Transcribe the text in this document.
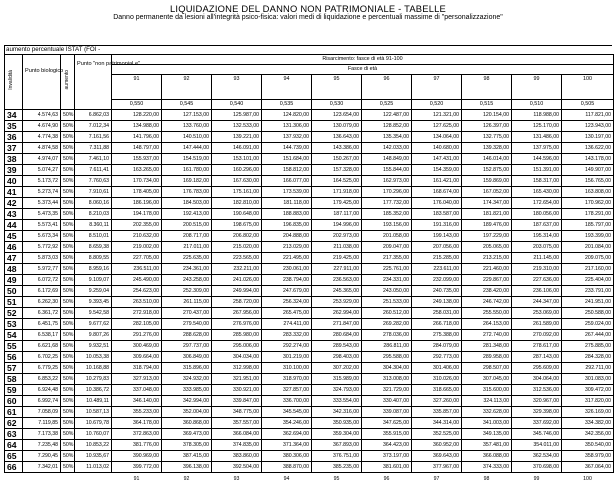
LIQUIDAZIONE DEL DANNO NON PATRIMONIALE - TABELLE
Danno permanente da lesioni all'integrità psico-fisica: valori medi di liquidazione e percentuali massime di "personalizzazione"
aumento percentuale ISTAT (FOI -
Invalidità	Punto biologico	aumento	Punto "non patrimonial e"	Risarcimento: fasce di età 91-100									
				Fasce di età									
				91	92	93	94	95	96	97	98	99	100
				0,550	0,545	0,540	0,535	0,530	0,525	0,520	0,515	0,510	0,505
34	4.574,63	50%	6.862,03	128.220,00	127.153,00	125.987,00	124.820,00	123.654,00	122.487,00	121.321,00	120.154,00	118.988,00	117.821,00
35	4.674,90	50%	7.012,34	134.988,00	133.760,00	132.533,00	131.306,00	130.079,00	128.852,00	127.625,00	126.397,00	125.170,00	123.943,00
36	4.774,38	50%	7.161,56	141.796,00	140.510,00	139.221,00	137.932,00	136.643,00	135.354,00	134.064,00	132.775,00	131.486,00	130.197,00
37	4.874,58	50%	7.311,88	148.797,00	147.444,00	146.091,00	144.739,00	143.386,00	142.033,00	140.680,00	139.328,00	137.975,00	136.622,00
38	4.974,07	50%	7.461,10	155.937,00	154.519,00	153.101,00	151.684,00	150.267,00	148.849,00	147.431,00	146.014,00	144.596,00	143.178,00
39	5.074,27	50%	7.611,41	163.265,00	161.780,00	160.296,00	158.812,00	157.328,00	155.844,00	154.359,00	152.875,00	151.391,00	149.907,00
40	5.173,72	50%	7.760,63	170.734,00	169.182,00	167.630,00	166.077,00	164.525,00	162.973,00	161.421,00	159.869,00	158.317,00	156.765,00
41	5.273,74	50%	7.910,61	178.405,00	176.783,00	175.161,00	173.539,00	171.918,00	170.296,00	168.674,00	167.052,00	165.430,00	163.808,00
42	5.373,44	50%	8.060,16	186.196,00	184.503,00	182.810,00	181.118,00	179.425,00	177.732,00	176.040,00	174.347,00	172.654,00	170.962,00
43	5.473,35	50%	8.210,03	194.178,00	192.413,00	190.648,00	188.883,00	187.117,00	185.352,00	183.587,00	181.821,00	180.056,00	178.291,00
44	5.573,41	50%	8.360,11	202.355,00	200.515,00	198.675,00	196.835,00	194.996,00	193.156,00	191.316,00	189.476,00	187.637,00	185.797,00
45	5.673,34	50%	8.510,01	210.632,00	208.717,00	206.802,00	204.888,00	202.973,00	201.058,00	199.143,00	197.229,00	195.314,00	193.399,00
46	5.772,92	50%	8.659,38	219.002,00	217.011,00	215.020,00	213.029,00	211.038,00	209.047,00	207.056,00	205.065,00	203.075,00	201.084,00
47	5.873,03	50%	8.809,55	227.705,00	225.635,00	223.565,00	221.495,00	219.425,00	217.355,00	215.285,00	213.215,00	211.145,00	209.075,00
48	5.972,77	50%	8.959,16	236.511,00	234.361,00	232.211,00	230.061,00	227.911,00	225.761,00	223.611,00	221.460,00	219.310,00	217.160,00
49	6.072,72	50%	9.109,07	245.490,00	243.258,00	241.026,00	238.794,00	236.563,00	234.331,00	232.099,00	229.867,00	227.636,00	225.404,00
50	6.172,69	50%	9.259,04	254.623,00	252.309,00	249.994,00	247.679,00	245.365,00	243.050,00	240.735,00	238.420,00	236.106,00	233.791,00
51	6.262,30	50%	9.393,45	263.510,00	261.115,00	258.720,00	256.324,00	253.929,00	251.533,00	249.138,00	246.742,00	244.347,00	241.951,00
52	6.361,72	50%	9.542,58	272.918,00	270.437,00	267.956,00	265.475,00	262.994,00	260.512,00	258.031,00	255.550,00	253.069,00	250.588,00
53	6.451,75	50%	9.677,62	282.105,00	279.540,00	276.976,00	274.411,00	271.847,00	269.282,00	266.718,00	264.153,00	261.589,00	259.024,00
54	6.538,17	50%	9.807,26	291.276,00	288.628,00	285.980,00	283.332,00	280.684,00	278.036,00	275.388,00	272.740,00	270.092,00	267.444,00
55	6.621,68	50%	9.932,51	300.469,00	297.737,00	295.006,00	292.274,00	289.543,00	286.811,00	284.079,00	281.348,00	278.617,00	275.885,00
56	6.702,25	50%	10.053,38	309.664,00	306.849,00	304.034,00	301.219,00	298.403,00	295.588,00	292.773,00	289.958,00	287.143,00	284.328,00
57	6.779,25	50%	10.168,88	318.794,00	315.896,00	312.998,00	310.100,00	307.202,00	304.304,00	301.406,00	298.507,00	295.609,00	292.711,00
58	6.853,22	50%	10.279,83	327.913,00	324.932,00	321.951,00	318.970,00	315.989,00	313.008,00	310.026,00	307.045,00	304.064,00	301.083,00
59	6.924,48	50%	10.386,72	337.048,00	333.985,00	330.921,00	327.857,00	324.793,00	321.729,00	318.665,00	315.600,00	312.536,00	309.472,00
60	6.992,74	50%	10.489,11	346.140,00	342.994,00	339.847,00	336.700,00	333.554,00	330.407,00	327.260,00	324.113,00	320.967,00	317.820,00
61	7.058,09	50%	10.587,13	355.233,00	352.004,00	348.775,00	345.545,00	342.316,00	339.087,00	335.857,00	332.628,00	329.398,00	326.169,00
62	7.119,85	50%	10.679,78	364.178,00	360.868,00	357.557,00	354.246,00	350.935,00	347.625,00	344.314,00	341.003,00	337.692,00	334.382,00
63	7.173,38	50%	10.760,07	372.863,00	369.473,00	366.084,00	362.694,00	359.304,00	355.915,00	352.525,00	349.135,00	345.746,00	342.356,00
64	7.235,48	50%	10.853,22	381.776,00	378.305,00	374.835,00	371.364,00	367.893,00	364.423,00	360.952,00	357.481,00	354.011,00	350.540,00
65	7.290,45	50%	10.935,67	390.969,00	387.415,00	383.860,00	380.306,00	376.751,00	373.197,00	369.643,00	366.088,00	362.534,00	358.979,00
66	7.342,01	50%	11.013,02	399.772,00	396.138,00	392.504,00	388.870,00	385.235,00	381.601,00	377.967,00	374.333,00	370.698,00	367.064,00
				91	92	93	94	95	96	97	98	99	100
